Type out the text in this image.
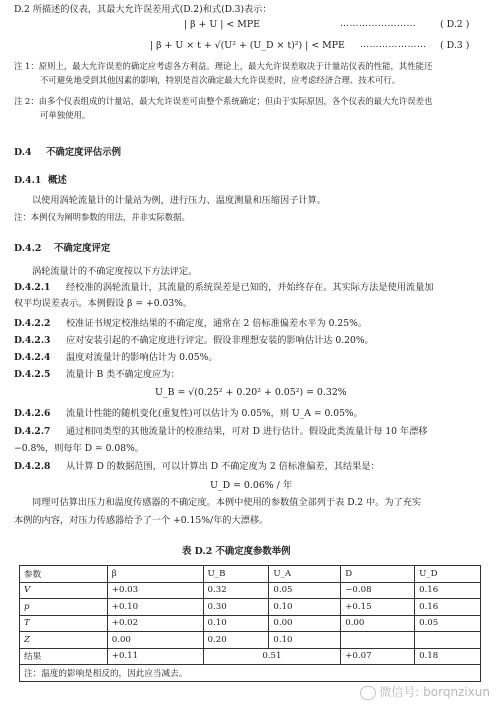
D.2 所描述的仪表，其最大允许误差用式(D.2)和式(D.3)表示：
| β + U | < MPE	……………………	( D.2 )
| β + U × t + √(U² + (U_D × t)²) | < MPE ………………… ( D.3 )
注 1：原则上，最大允许误差的确定应考虑各方利益。理论上，最大允许误差取决于计量站仪表的性能，其性能还
不可避免地受到其他因素的影响，特别是首次确定最大允许误差时，应考虑经济合理、技术可行。
注 2：由多个仪表组成的计量站，最大允许误差可由整个系统确定；但由于实际原因，各个仪表的最大允许误差也
可单独使用。
D.4 不确定度评估示例
D.4.1 概述
以使用涡轮流量计的计量站为例，进行压力、温度测量和压缩因子计算。
注：本例仅为阐明参数的用法，并非实际数据。
D.4.2 不确定度评定
涡轮流量计的不确定度按以下方法评定。
D.4.2.1 经校准的涡轮流量计，其流量的系统误差是已知的，并始终存在。其实际方法是使用流量加
权平均误差表示。本例假设 β = +0.03%。
D.4.2.2 校准证书规定校准结果的不确定度，通常在 2 倍标准偏差水平为 0.25%。
D.4.2.3 应对安装引起的不确定度进行评定。假设非理想安装的影响估计达 0.20%。
D.4.2.4 温度对流量计的影响估计为 0.05%。
D.4.2.5 流量计 B 类不确定度应为：
U_B = √(0.25² + 0.20² + 0.05²) = 0.32%
D.4.2.6 流量计性能的随机变化(重复性)可以估计为 0.05%，则 U_A = 0.05%。
D.4.2.7 通过相同类型的其他流量计的校准结果，可对 D 进行估计。假设此类流量计每 10 年漂移
−0.8%，则每年 D = 0.08%。
D.4.2.8 从计算 D 的数据范围，可以计算出 D 不确定度为 2 倍标准偏差，其结果是：
U_D = 0.06% / 年
同理可估算出压力和温度传感器的不确定度。本例中使用的参数值全部列于表 D.2 中。为了充实
本例的内容，对压力传感器给予了一个 +0.15%/年的大漂移。
表 D.2 不确定度参数举例
参数	β	U_B	U_A	D	U_D
V	+0.03	0.32	0.05	−0.08	0.16
p	+0.10	0.30	0.10	+0.15	0.16
T	+0.02	0.10	0.00	0.00	0.05
Z	0.00	0.20	0.10		
结果	+0.11	0.51		+0.07	0.18
注：温度的影响是相反的，因此应当减去。					
微信号: borqnzixun
